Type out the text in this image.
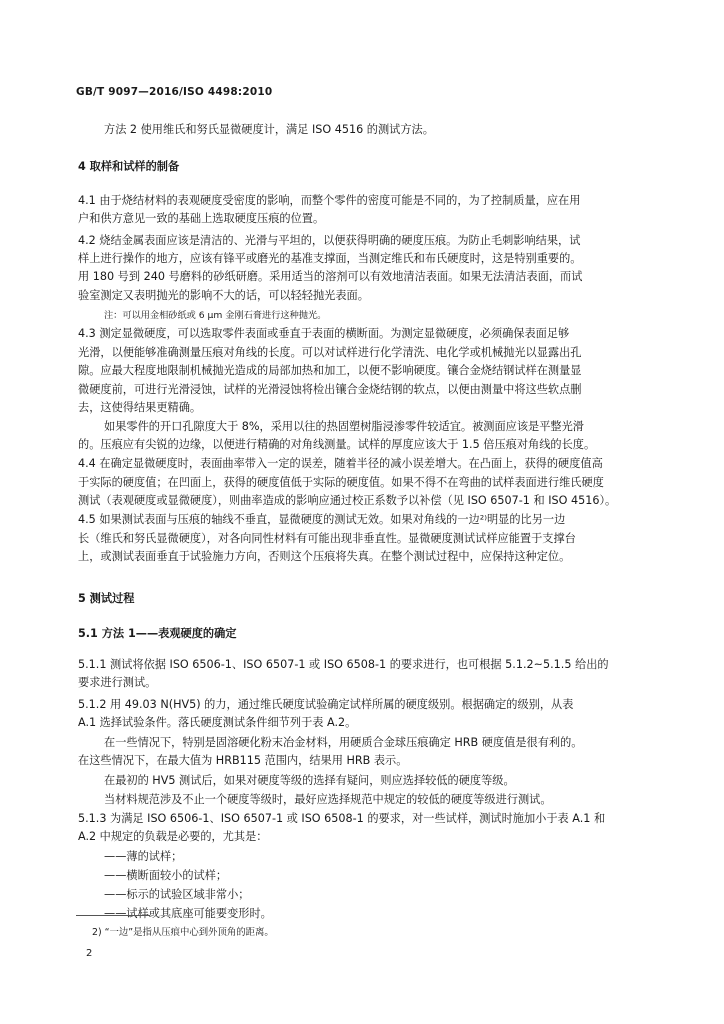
GB/T 9097—2016/ISO 4498:2010
方法 2 使用维氏和努氏显微硬度计，满足 ISO 4516 的测试方法。
4 取样和试样的制备
4.1 由于烧结材料的表观硬度受密度的影响，而整个零件的密度可能是不同的，为了控制质量，应在用
户和供方意见一致的基础上选取硬度压痕的位置。
4.2 烧结金属表面应该是清洁的、光滑与平坦的，以便获得明确的硬度压痕。为防止毛刺影响结果，试
样上进行操作的地方，应该有锋平或磨光的基准支撑面，当测定维氏和布氏硬度时，这是特别重要的。
用 180 号到 240 号磨料的砂纸研磨。采用适当的溶剂可以有效地清洁表面。如果无法清洁表面，而试
验室测定又表明抛光的影响不大的话，可以轻轻抛光表面。
注：可以用金相砂纸或 6 μm 金刚石膏进行这种抛光。
4.3 测定显微硬度，可以选取零件表面或垂直于表面的横断面。为测定显微硬度，必须确保表面足够
光滑，以便能够准确测量压痕对角线的长度。可以对试样进行化学清洗、电化学或机械抛光以显露出孔
隙。应最大程度地限制机械抛光造成的局部加热和加工，以便不影响硬度。镶合金烧结钢试样在测量显
微硬度前，可进行光滑浸蚀，试样的光滑浸蚀将检出镶合金烧结钢的软点，以便由测量中将这些软点删
去，这使得结果更精确。
如果零件的开口孔隙度大于 8%，采用以往的热固塑树脂浸渗零件较适宜。被测面应该是平整光滑
的。压痕应有尖锐的边缘，以便进行精确的对角线测量。试样的厚度应该大于 1.5 倍压痕对角线的长度。
4.4 在确定显微硬度时，表面曲率带入一定的误差，随着半径的减小误差增大。在凸面上，获得的硬度值高
于实际的硬度值；在凹面上，获得的硬度值低于实际的硬度值。如果不得不在弯曲的试样表面进行维氏硬度
测试（表观硬度或显微硬度），则曲率造成的影响应通过校正系数予以补偿（见 ISO 6507-1 和 ISO 4516）。
4.5 如果测试表面与压痕的轴线不垂直，显微硬度的测试无效。如果对角线的一边²⁾明显的比另一边
长（维氏和努氏显微硬度），对各向同性材料有可能出现非垂直性。显微硬度测试试样应能置于支撑台
上，或测试表面垂直于试验施力方向，否则这个压痕将失真。在整个测试过程中，应保持这种定位。
5 测试过程
5.1 方法 1——表观硬度的确定
5.1.1 测试将依据 ISO 6506-1、ISO 6507-1 或 ISO 6508-1 的要求进行，也可根据 5.1.2~5.1.5 给出的
要求进行测试。
5.1.2 用 49.03 N(HV5) 的力，通过维氏硬度试验确定试样所属的硬度级别。根据确定的级别，从表
A.1 选择试验条件。落氏硬度测试条件细节列于表 A.2。
在一些情况下，特别是固溶硬化粉末冶金材料，用硬质合金球压痕确定 HRB 硬度值是很有利的。
在这些情况下，在最大值为 HRB115 范围内，结果用 HRB 表示。
在最初的 HV5 测试后，如果对硬度等级的选择有疑问，则应选择较低的硬度等级。
当材料规范涉及不止一个硬度等级时，最好应选择规范中规定的较低的硬度等级进行测试。
5.1.3 为满足 ISO 6506-1、ISO 6507-1 或 ISO 6508-1 的要求，对一些试样，测试时施加小于表 A.1 和
A.2 中规定的负载是必要的，尤其是：
——薄的试样；
——横断面较小的试样；
——标示的试验区域非常小；
——试样或其底座可能要变形时。
2) “一边”是指从压痕中心到外顶角的距离。
2
